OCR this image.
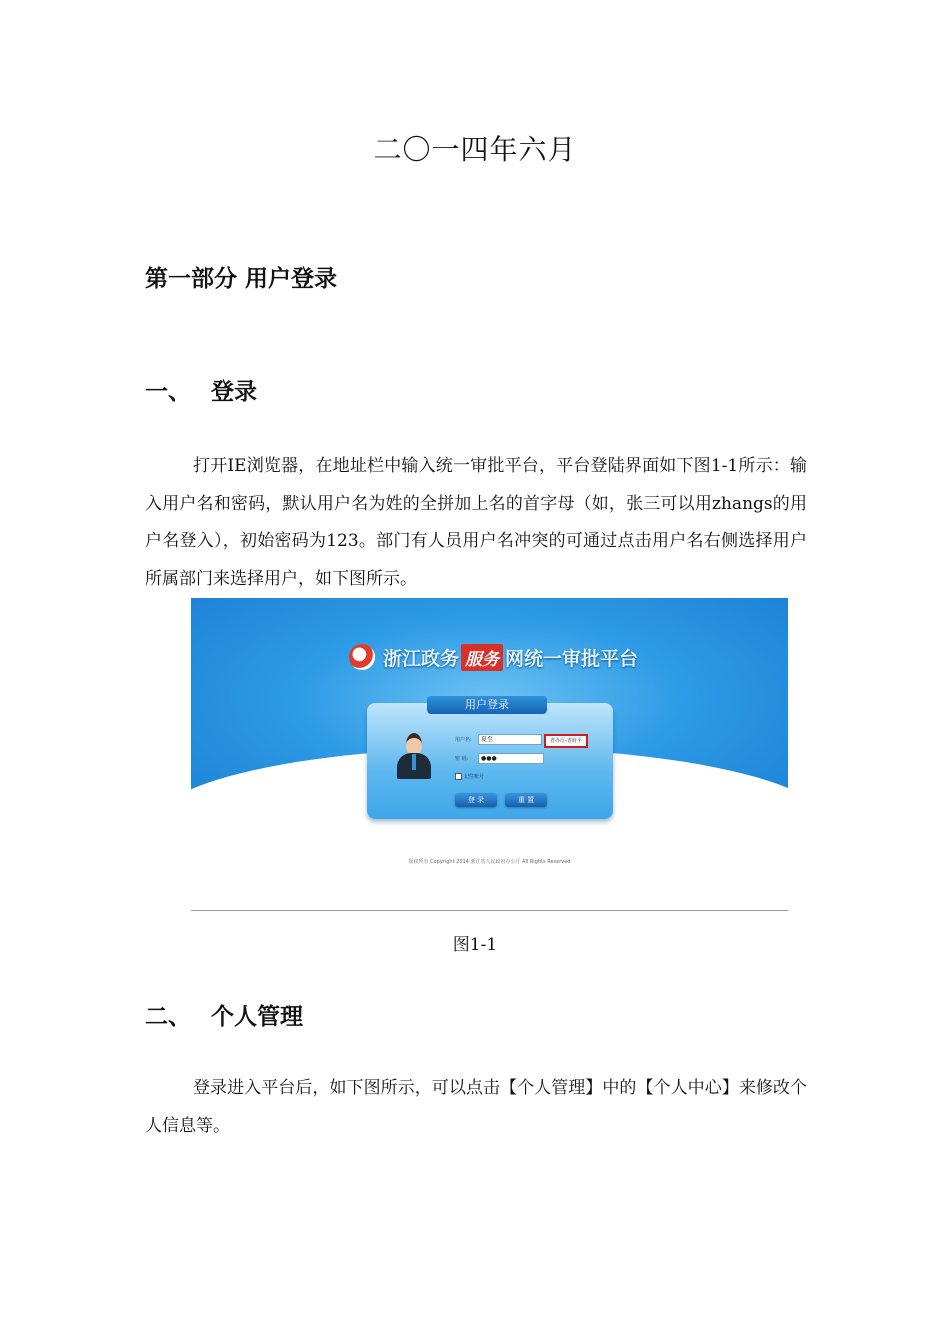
二〇一四年六月
第一部分 用户登录
一、 登录
打开IE浏览器，在地址栏中输入统一审批平台，平台登陆界面如下图1-1所示：输入用户名和密码，默认用户名为姓的全拼加上名的首字母（如，张三可以用zhangs的用户名登入），初始密码为123。部门有人员用户名冲突的可通过点击用户名右侧选择用户所属部门来选择用户，如下图所示。
浙江政务 服务 网统一审批平台
用户登录
用户名:	夏至	省办厅-省府平
密 码:	●●●
记住账号
登 录	重 置
版权所有 Copyright 2014 浙江省人民政府办公厅 All Rights Reserved
图1-1
二、 个人管理
登录进入平台后，如下图所示，可以点击【个人管理】中的【个人中心】来修改个人信息等。
